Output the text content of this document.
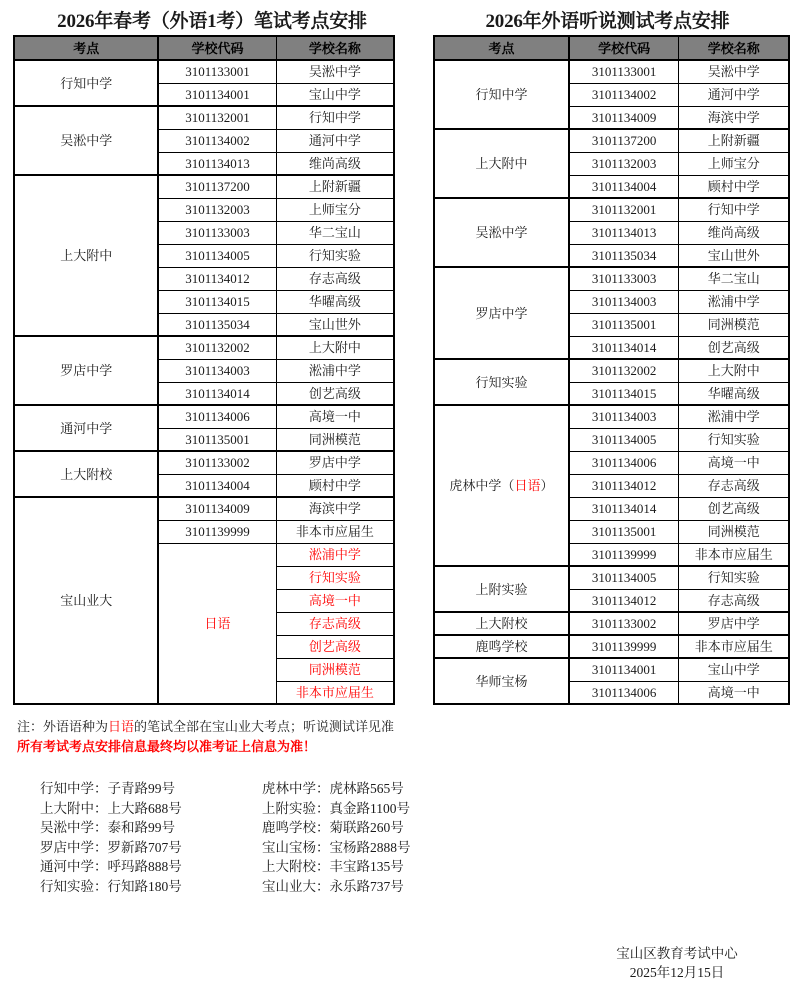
2026年春考（外语1考）笔试考点安排	2026年外语听说测试考点安排
考点	学校代码	学校名称
行知中学	3101133001	吴淞中学
	3101134001	宝山中学
吴淞中学	3101132001	行知中学
	3101134002	通河中学
	3101134013	维尚高级
上大附中	3101137200	上附新疆
	3101132003	上师宝分
	3101133003	华二宝山
	3101134005	行知实验
	3101134012	存志高级
	3101134015	华曜高级
	3101135034	宝山世外
罗店中学	3101132002	上大附中
	3101134003	淞浦中学
	3101134014	创艺高级
通河中学	3101134006	高境一中
	3101135001	同洲模范
上大附校	3101133002	罗店中学
	3101134004	顾村中学
宝山业大	3101134009	海滨中学
	3101139999	非本市应届生
	日语	淞浦中学
		行知实验
		高境一中
		存志高级
		创艺高级
		同洲模范
		非本市应届生
考点	学校代码	学校名称
行知中学	3101133001	吴淞中学
	3101134002	通河中学
	3101134009	海滨中学
上大附中	3101137200	上附新疆
	3101132003	上师宝分
	3101134004	顾村中学
吴淞中学	3101132001	行知中学
	3101134013	维尚高级
	3101135034	宝山世外
罗店中学	3101133003	华二宝山
	3101134003	淞浦中学
	3101135001	同洲模范
	3101134014	创艺高级
行知实验	3101132002	上大附中
	3101134015	华曜高级
虎林中学（日语）	3101134003	淞浦中学
	3101134005	行知实验
	3101134006	高境一中
	3101134012	存志高级
	3101134014	创艺高级
	3101135001	同洲模范
	3101139999	非本市应届生
上附实验	3101134005	行知实验
	3101134012	存志高级
上大附校	3101133002	罗店中学
鹿鸣学校	3101139999	非本市应届生
华师宝杨	3101134001	宝山中学
	3101134006	高境一中
注：外语语种为日语的笔试全部在宝山业大考点；听说测试详见准
所有考试考点安排信息最终均以准考证上信息为准！
行知中学：子青路99号
上大附中：上大路688号
吴淞中学：泰和路99号
罗店中学：罗新路707号
通河中学：呼玛路888号
行知实验：行知路180号
虎林中学：虎林路565号
上附实验：真金路1100号
鹿鸣学校：菊联路260号
宝山宝杨：宝杨路2888号
上大附校：丰宝路135号
宝山业大：永乐路737号
宝山区教育考试中心
2025年12月15日
